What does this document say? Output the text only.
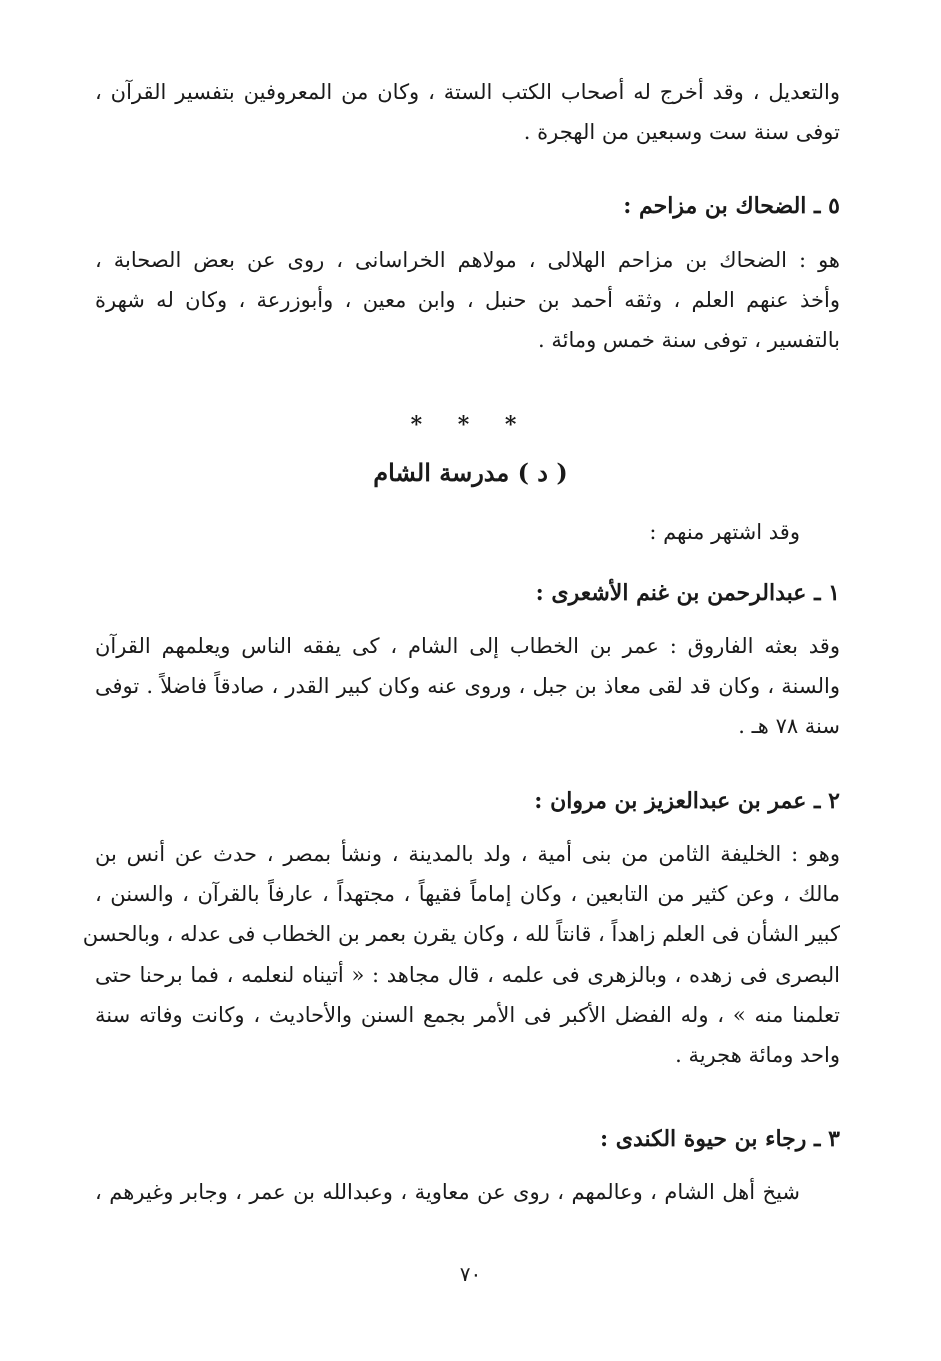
والتعديل ، وقد أخرج له أصحاب الكتب الستة ، وكان من المعروفين بتفسير القرآن ،
توفى سنة ست وسبعين من الهجرة .
٥ ـ الضحاك بن مزاحم :
هو : الضحاك بن مزاحم الهلالى ، مولاهم الخراسانى ، روى عن بعض الصحابة ،
وأخذ عنهم العلم ، وثقه أحمد بن حنبل ، وابن معين ، وأبوزرعة ، وكان له شهرة
بالتفسير ، توفى سنة خمس ومائة .
* * *
( د ) مدرسة الشام
وقد اشتهر منهم :
١ ـ عبدالرحمن بن غنم الأشعرى :
وقد بعثه الفاروق : عمر بن الخطاب إلى الشام ، كى يفقه الناس ويعلمهم القرآن
والسنة ، وكان قد لقى معاذ بن جبل ، وروى عنه وكان كبير القدر ، صادقاً فاضلاً . توفى
سنة ٧٨ هـ .
٢ ـ عمر بن عبدالعزيز بن مروان :
وهو : الخليفة الثامن من بنى أمية ، ولد بالمدينة ، ونشأ بمصر ، حدث عن أنس بن
مالك ، وعن كثير من التابعين ، وكان إماماً فقيهاً ، مجتهداً ، عارفاً بالقرآن ، والسنن ،
كبير الشأن فى العلم زاهداً ، قانتاً لله ، وكان يقرن بعمر بن الخطاب فى عدله ، وبالحسن
البصرى فى زهده ، وبالزهرى فى علمه ، قال مجاهد : « أتيناه لنعلمه ، فما برحنا حتى
تعلمنا منه » ، وله الفضل الأكبر فى الأمر بجمع السنن والأحاديث ، وكانت وفاته سنة
واحد ومائة هجرية .
٣ ـ رجاء بن حيوة الكندى :
شيخ أهل الشام ، وعالمهم ، روى عن معاوية ، وعبدالله بن عمر ، وجابر وغيرهم ،
٧٠
